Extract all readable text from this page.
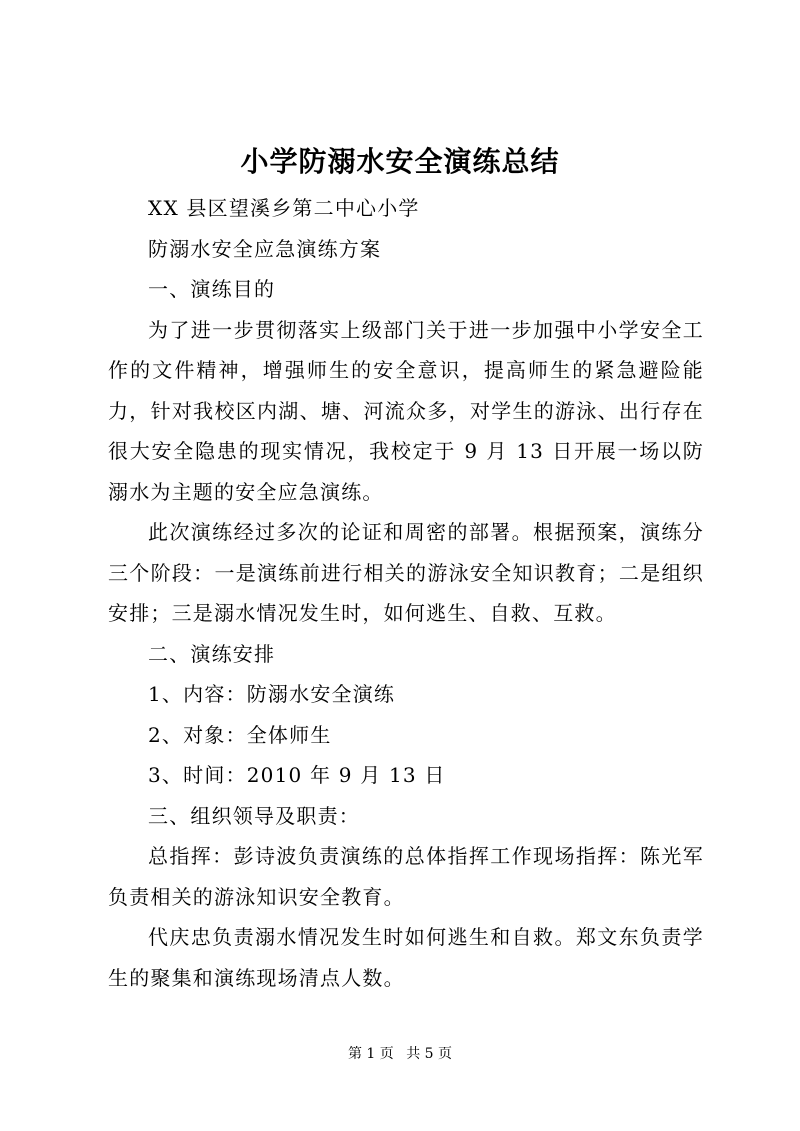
小学防溺水安全演练总结

XX 县区望溪乡第二中心小学

防溺水安全应急演练方案

一、演练目的

为了进一步贯彻落实上级部门关于进一步加强中小学安全工作的文件精神，增强师生的安全意识，提高师生的紧急避险能力，针对我校区内湖、塘、河流众多，对学生的游泳、出行存在很大安全隐患的现实情况，我校定于 9 月 13 日开展一场以防溺水为主题的安全应急演练。

此次演练经过多次的论证和周密的部署。根据预案，演练分三个阶段：一是演练前进行相关的游泳安全知识教育；二是组织安排；三是溺水情况发生时，如何逃生、自救、互救。

二、演练安排

1、内容：防溺水安全演练

2、对象：全体师生

3、时间：2010 年 9 月 13 日

三、组织领导及职责：

总指挥：彭诗波负责演练的总体指挥工作现场指挥：陈光军负责相关的游泳知识安全教育。

代庆忠负责溺水情况发生时如何逃生和自救。郑文东负责学生的聚集和演练现场清点人数。

第 1 页 共 5 页
